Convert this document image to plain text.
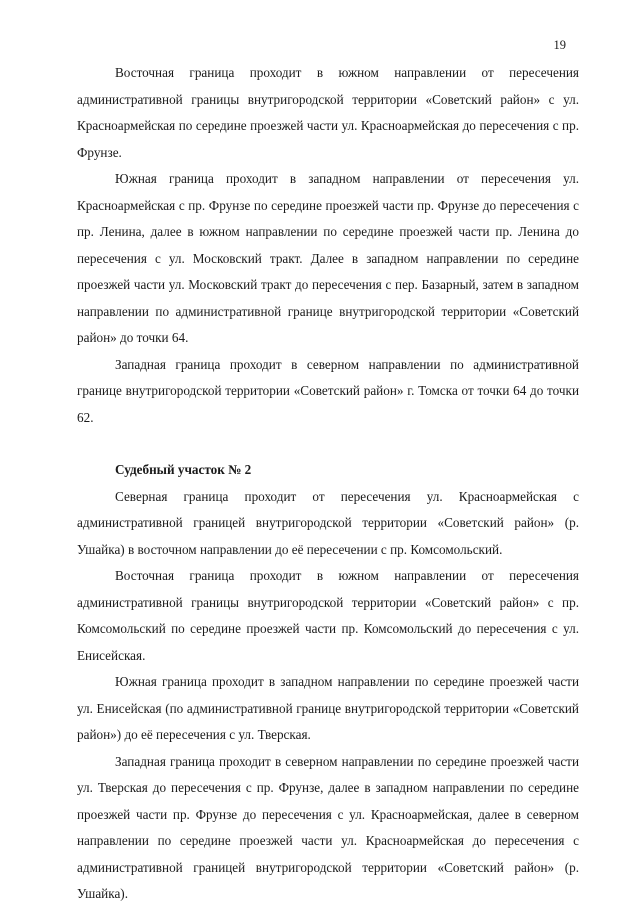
19

Восточная граница проходит в южном направлении от пересечения административной границы внутригородской территории «Советский район» с ул. Красноармейская по середине проезжей части ул. Красноармейская до пересечения с пр. Фрунзе.

Южная граница проходит в западном направлении от пересечения ул. Красноармейская с пр. Фрунзе по середине проезжей части пр. Фрунзе до пересечения с пр. Ленина, далее в южном направлении по середине проезжей части пр. Ленина до пересечения с ул. Московский тракт. Далее в западном направлении по середине проезжей части ул. Московский тракт до пересечения с пер. Базарный, затем в западном направлении по административной границе внутригородской территории «Советский район» до точки 64.

Западная граница проходит в северном направлении по административной границе внутригородской территории «Советский район» г. Томска от точки 64 до точки 62.

Судебный участок № 2

Северная граница проходит от пересечения ул. Красноармейская с административной границей внутригородской территории «Советский район» (р. Ушайка) в восточном направлении до её пересечении с пр. Комсомольский.

Восточная граница проходит в южном направлении от пересечения административной границы внутригородской территории «Советский район» с пр. Комсомольский по середине проезжей части пр. Комсомольский до пересечения с ул. Енисейская.

Южная граница проходит в западном направлении по середине проезжей части ул. Енисейская (по административной границе внутригородской территории «Советский район») до её пересечения с ул. Тверская.

Западная граница проходит в северном направлении по середине проезжей части ул. Тверская до пересечения с пр. Фрунзе, далее в западном направлении по середине проезжей части пр. Фрунзе до пересечения с ул. Красноармейская, далее в северном направлении по середине проезжей части ул. Красноармейская до пересечения с административной границей внутригородской территории «Советский район» (р. Ушайка).
